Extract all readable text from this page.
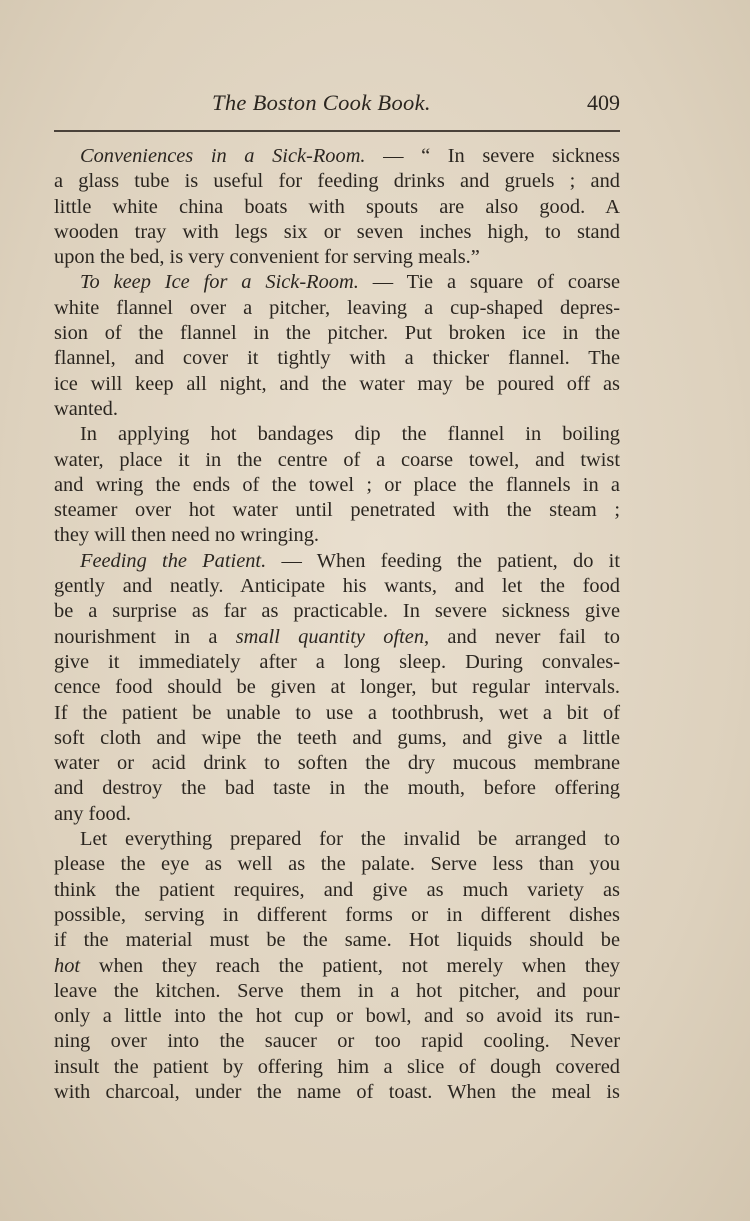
The Boston Cook Book.	409
Conveniences in a Sick-Room. — “ In severe sickness
a glass tube is useful for feeding drinks and gruels ; and
little white china boats with spouts are also good. A
wooden tray with legs six or seven inches high, to stand
upon the bed, is very convenient for serving meals.”
To keep Ice for a Sick-Room. — Tie a square of coarse
white flannel over a pitcher, leaving a cup-shaped depres-
sion of the flannel in the pitcher. Put broken ice in the
flannel, and cover it tightly with a thicker flannel. The
ice will keep all night, and the water may be poured off as
wanted.
In applying hot bandages dip the flannel in boiling
water, place it in the centre of a coarse towel, and twist
and wring the ends of the towel ; or place the flannels in a
steamer over hot water until penetrated with the steam ;
they will then need no wringing.
Feeding the Patient. — When feeding the patient, do it
gently and neatly. Anticipate his wants, and let the food
be a surprise as far as practicable. In severe sickness give
nourishment in a small quantity often, and never fail to
give it immediately after a long sleep. During convales-
cence food should be given at longer, but regular intervals.
If the patient be unable to use a toothbrush, wet a bit of
soft cloth and wipe the teeth and gums, and give a little
water or acid drink to soften the dry mucous membrane
and destroy the bad taste in the mouth, before offering
any food.
Let everything prepared for the invalid be arranged to
please the eye as well as the palate. Serve less than you
think the patient requires, and give as much variety as
possible, serving in different forms or in different dishes
if the material must be the same. Hot liquids should be
hot when they reach the patient, not merely when they
leave the kitchen. Serve them in a hot pitcher, and pour
only a little into the hot cup or bowl, and so avoid its run-
ning over into the saucer or too rapid cooling. Never
insult the patient by offering him a slice of dough covered
with charcoal, under the name of toast. When the meal is
